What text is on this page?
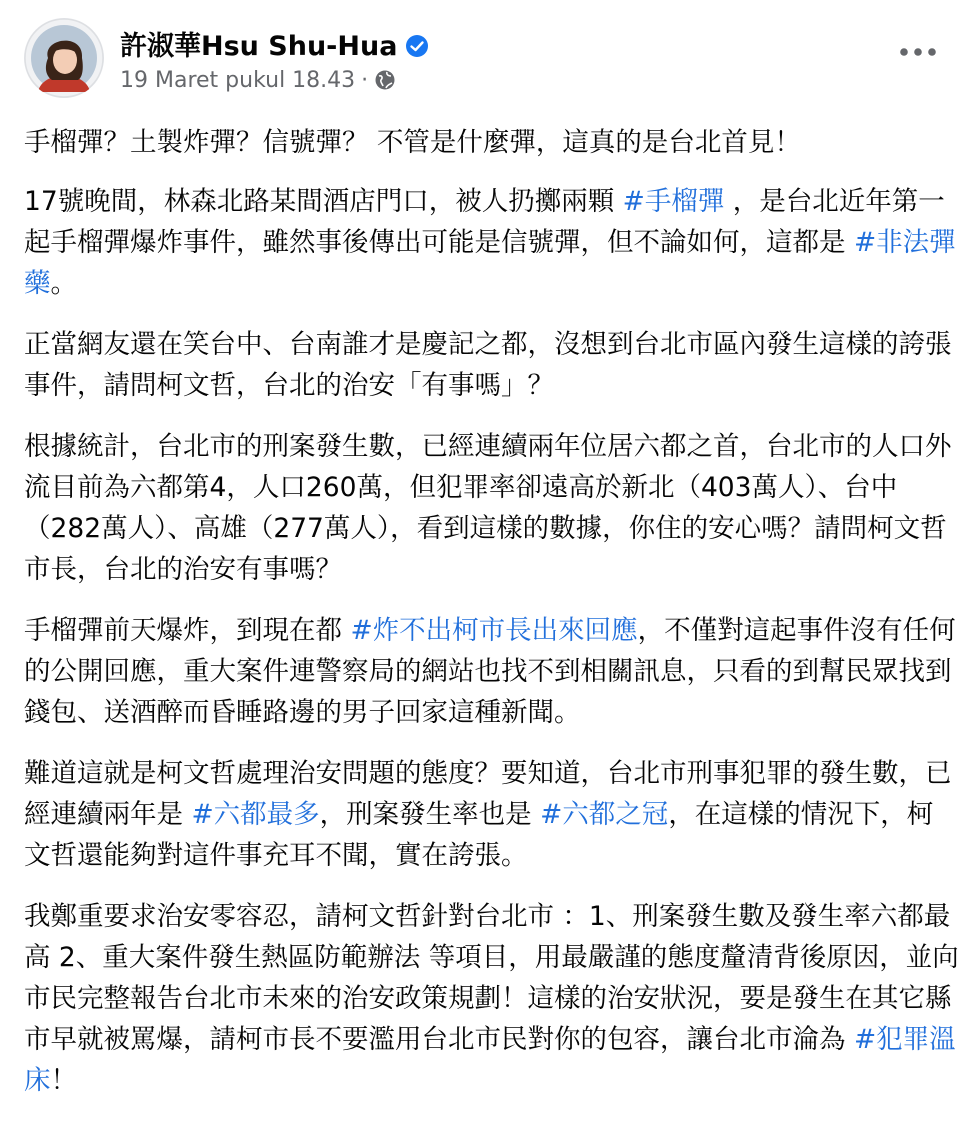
許淑華Hsu Shu-Hua
19 Maret pukul 18.43 ·

手榴彈？土製炸彈？信號彈？ 不管是什麼彈，這真的是台北首見！

17號晚間，林森北路某間酒店門口，被人扔擲兩顆 #手榴彈 ，是台北近年第一起手榴彈爆炸事件，雖然事後傳出可能是信號彈，但不論如何，這都是 #非法彈藥。

正當網友還在笑台中、台南誰才是慶記之都，沒想到台北市區內發生這樣的誇張事件，請問柯文哲，台北的治安「有事嗎」？

根據統計，台北市的刑案發生數，已經連續兩年位居六都之首，台北市的人口外流目前為六都第4，人口260萬，但犯罪率卻遠高於新北（403萬人）、台中（282萬人）、高雄（277萬人），看到這樣的數據，你住的安心嗎？請問柯文哲市長，台北的治安有事嗎？

手榴彈前天爆炸，到現在都 #炸不出柯市長出來回應，不僅對這起事件沒有任何的公開回應，重大案件連警察局的網站也找不到相關訊息，只看的到幫民眾找到錢包、送酒醉而昏睡路邊的男子回家這種新聞。

難道這就是柯文哲處理治安問題的態度？要知道，台北市刑事犯罪的發生數，已經連續兩年是 #六都最多，刑案發生率也是 #六都之冠，在這樣的情況下，柯文哲還能夠對這件事充耳不聞，實在誇張。

我鄭重要求治安零容忍，請柯文哲針對台北市 ：1、刑案發生數及發生率六都最高 2、重大案件發生熱區防範辦法 等項目，用最嚴謹的態度釐清背後原因，並向市民完整報告台北市未來的治安政策規劃！這樣的治安狀況，要是發生在其它縣市早就被罵爆，請柯市長不要濫用台北市民對你的包容，讓台北市淪為 #犯罪溫床！
